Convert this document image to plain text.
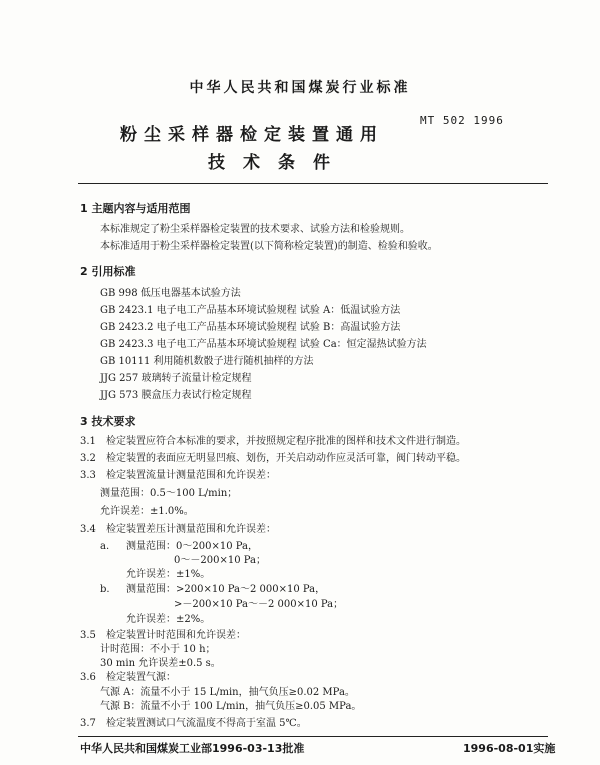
中华人民共和国煤炭行业标准
粉尘采样器检定装置通用
技术条件
MT 502 1996
1 主题内容与适用范围
本标准规定了粉尘采样器检定装置的技术要求、试验方法和检验规则。
本标准适用于粉尘采样器检定装置(以下简称检定装置)的制造、检验和验收。
2 引用标准
GB 998 低压电器基本试验方法
GB 2423.1 电子电工产品基本环境试验规程 试验 A：低温试验方法
GB 2423.2 电子电工产品基本环境试验规程 试验 B：高温试验方法
GB 2423.3 电子电工产品基本环境试验规程 试验 Ca：恒定湿热试验方法
GB 10111 利用随机数骰子进行随机抽样的方法
JJG 257 玻璃转子流量计检定规程
JJG 573 膜盒压力表试行检定规程
3 技术要求
3.1 检定装置应符合本标准的要求，并按照规定程序批准的图样和技术文件进行制造。
3.2 检定装置的表面应无明显凹痕、划伤，开关启动动作应灵活可靠，阀门转动平稳。
3.3 检定装置流量计测量范围和允许误差：
测量范围：0.5～100 L/min；
允许误差：±1.0%。
3.4 检定装置差压计测量范围和允许误差：
a. 测量范围：0～200×10 Pa，
0～－200×10 Pa；
允许误差：±1%。
b. 测量范围：>200×10 Pa～2 000×10 Pa，
>－200×10 Pa～－2 000×10 Pa；
允许误差：±2%。
3.5 检定装置计时范围和允许误差：
计时范围：不小于 10 h；
30 min 允许误差±0.5 s。
3.6 检定装置气源：
气源 A：流量不小于 15 L/min，抽气负压≥0.02 MPa。
气源 B：流量不小于 100 L/min，抽气负压≥0.05 MPa。
中华人民共和国煤炭工业部1996-03-13批准	1996-08-01实施
3.7 检定装置测试口气流温度不得高于室温 5℃。
